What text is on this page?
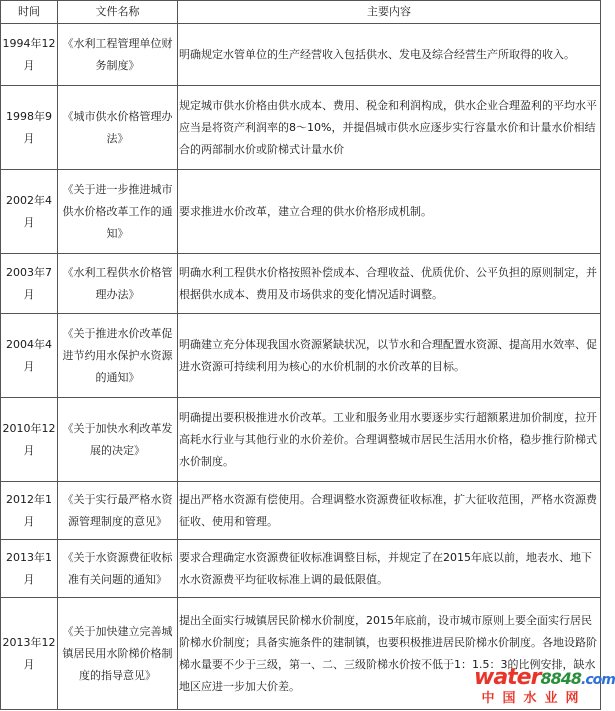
时间	文件名称	主要内容
1994年12月	《水利工程管理单位财务制度》	明确规定水管单位的生产经营收入包括供水、发电及综合经营生产所取得的收入。
1998年9月	《城市供水价格管理办法》	规定城市供水价格由供水成本、费用、税金和利润构成，供水企业合理盈利的平均水平应当是将资产利润率的8～10%，并提倡城市供水应逐步实行容量水价和计量水价相结合的两部制水价或阶梯式计量水价
2002年4月	《关于进一步推进城市供水价格改革工作的通知》	要求推进水价改革，建立合理的供水价格形成机制。
2003年7月	《水利工程供水价格管理办法》	明确水利工程供水价格按照补偿成本、合理收益、优质优价、公平负担的原则制定，并根据供水成本、费用及市场供求的变化情况适时调整。
2004年4月	《关于推进水价改革促进节约用水保护水资源的通知》	明确建立充分体现我国水资源紧缺状况，以节水和合理配置水资源、提高用水效率、促进水资源可持续利用为核心的水价机制的水价改革的目标。
2010年12月	《关于加快水利改革发展的决定》	明确提出要积极推进水价改革。工业和服务业用水要逐步实行超额累进加价制度，拉开高耗水行业与其他行业的水价差价。合理调整城市居民生活用水价格，稳步推行阶梯式水价制度。
2012年1月	《关于实行最严格水资源管理制度的意见》	提出严格水资源有偿使用。合理调整水资源费征收标准，扩大征收范围，严格水资源费征收、使用和管理。
2013年1月	《关于水资源费征收标准有关问题的通知》	要求合理确定水资源费征收标准调整目标，并规定了在2015年底以前，地表水、地下水水资源费平均征收标准上调的最低限值。
2013年12月	《关于加快建立完善城镇居民用水阶梯价格制度的指导意见》	提出全面实行城镇居民阶梯水价制度，2015年底前，设市城市原则上要全面实行居民阶梯水价制度；具备实施条件的建制镇，也要积极推进居民阶梯水价制度。各地设路阶梯水量要不少于三级，第一、二、三级阶梯水价按不低于1：1.5：3的比例安排，缺水地区应进一步加大价差。	water8848.com
中国水业网
